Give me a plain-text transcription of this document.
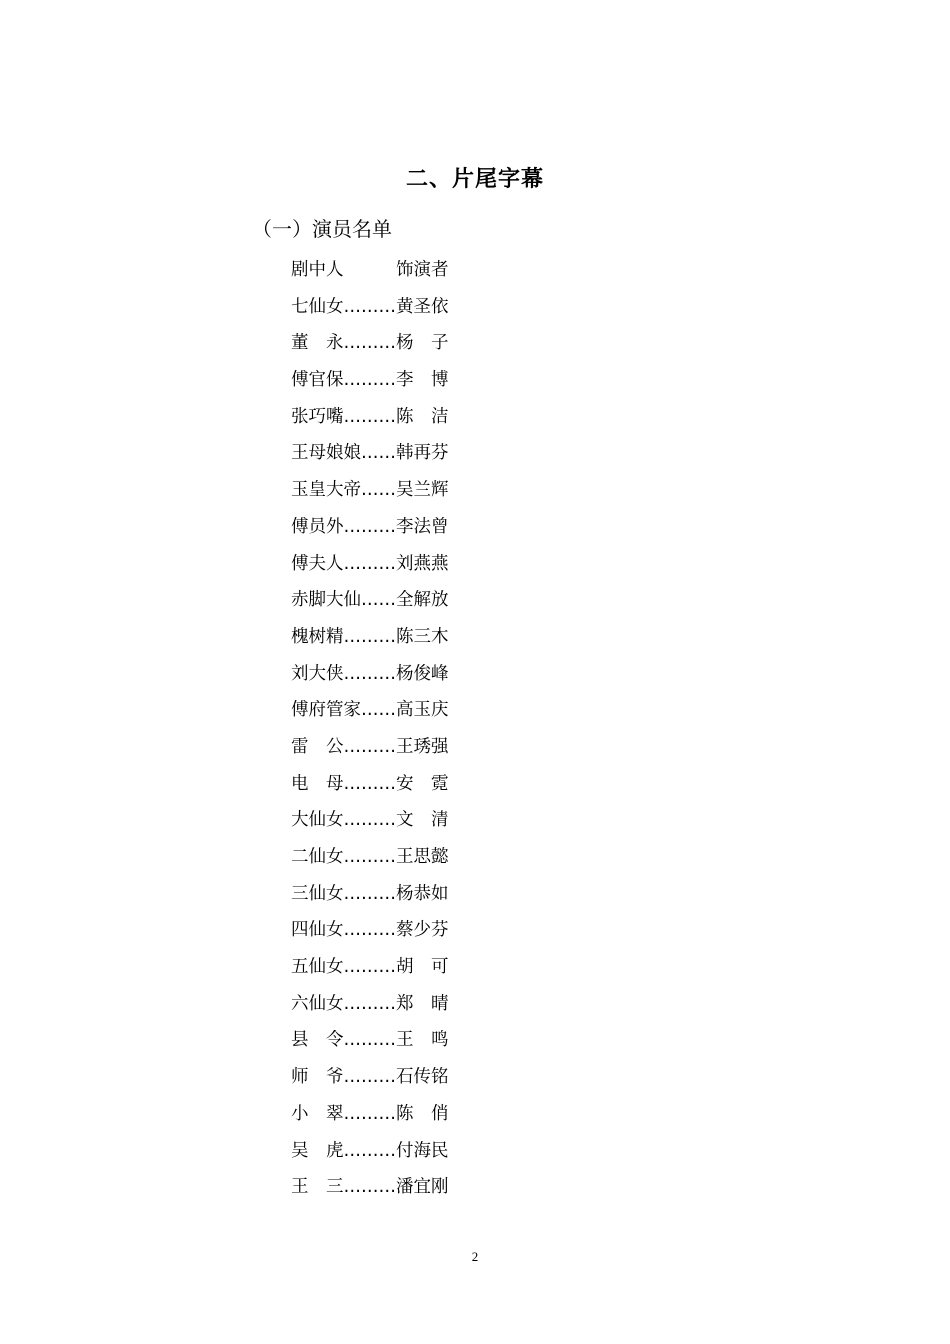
二、片尾字幕
（一）演员名单
剧中人　　　饰演者
七仙女………黄圣依
董　永………杨　子
傅官保………李　博
张巧嘴………陈　洁
王母娘娘……韩再芬
玉皇大帝……吴兰辉
傅员外………李法曾
傅夫人………刘燕燕
赤脚大仙……全解放
槐树精………陈三木
刘大侠………杨俊峰
傅府管家……高玉庆
雷　公………王琇强
电　母………安　霓
大仙女………文　清
二仙女………王思懿
三仙女………杨恭如
四仙女………蔡少芬
五仙女………胡　可
六仙女………郑　晴
县　令………王　鸣
师　爷………石传铭
小　翠………陈　俏
吴　虎………付海民
王　三………潘宜刚
2
